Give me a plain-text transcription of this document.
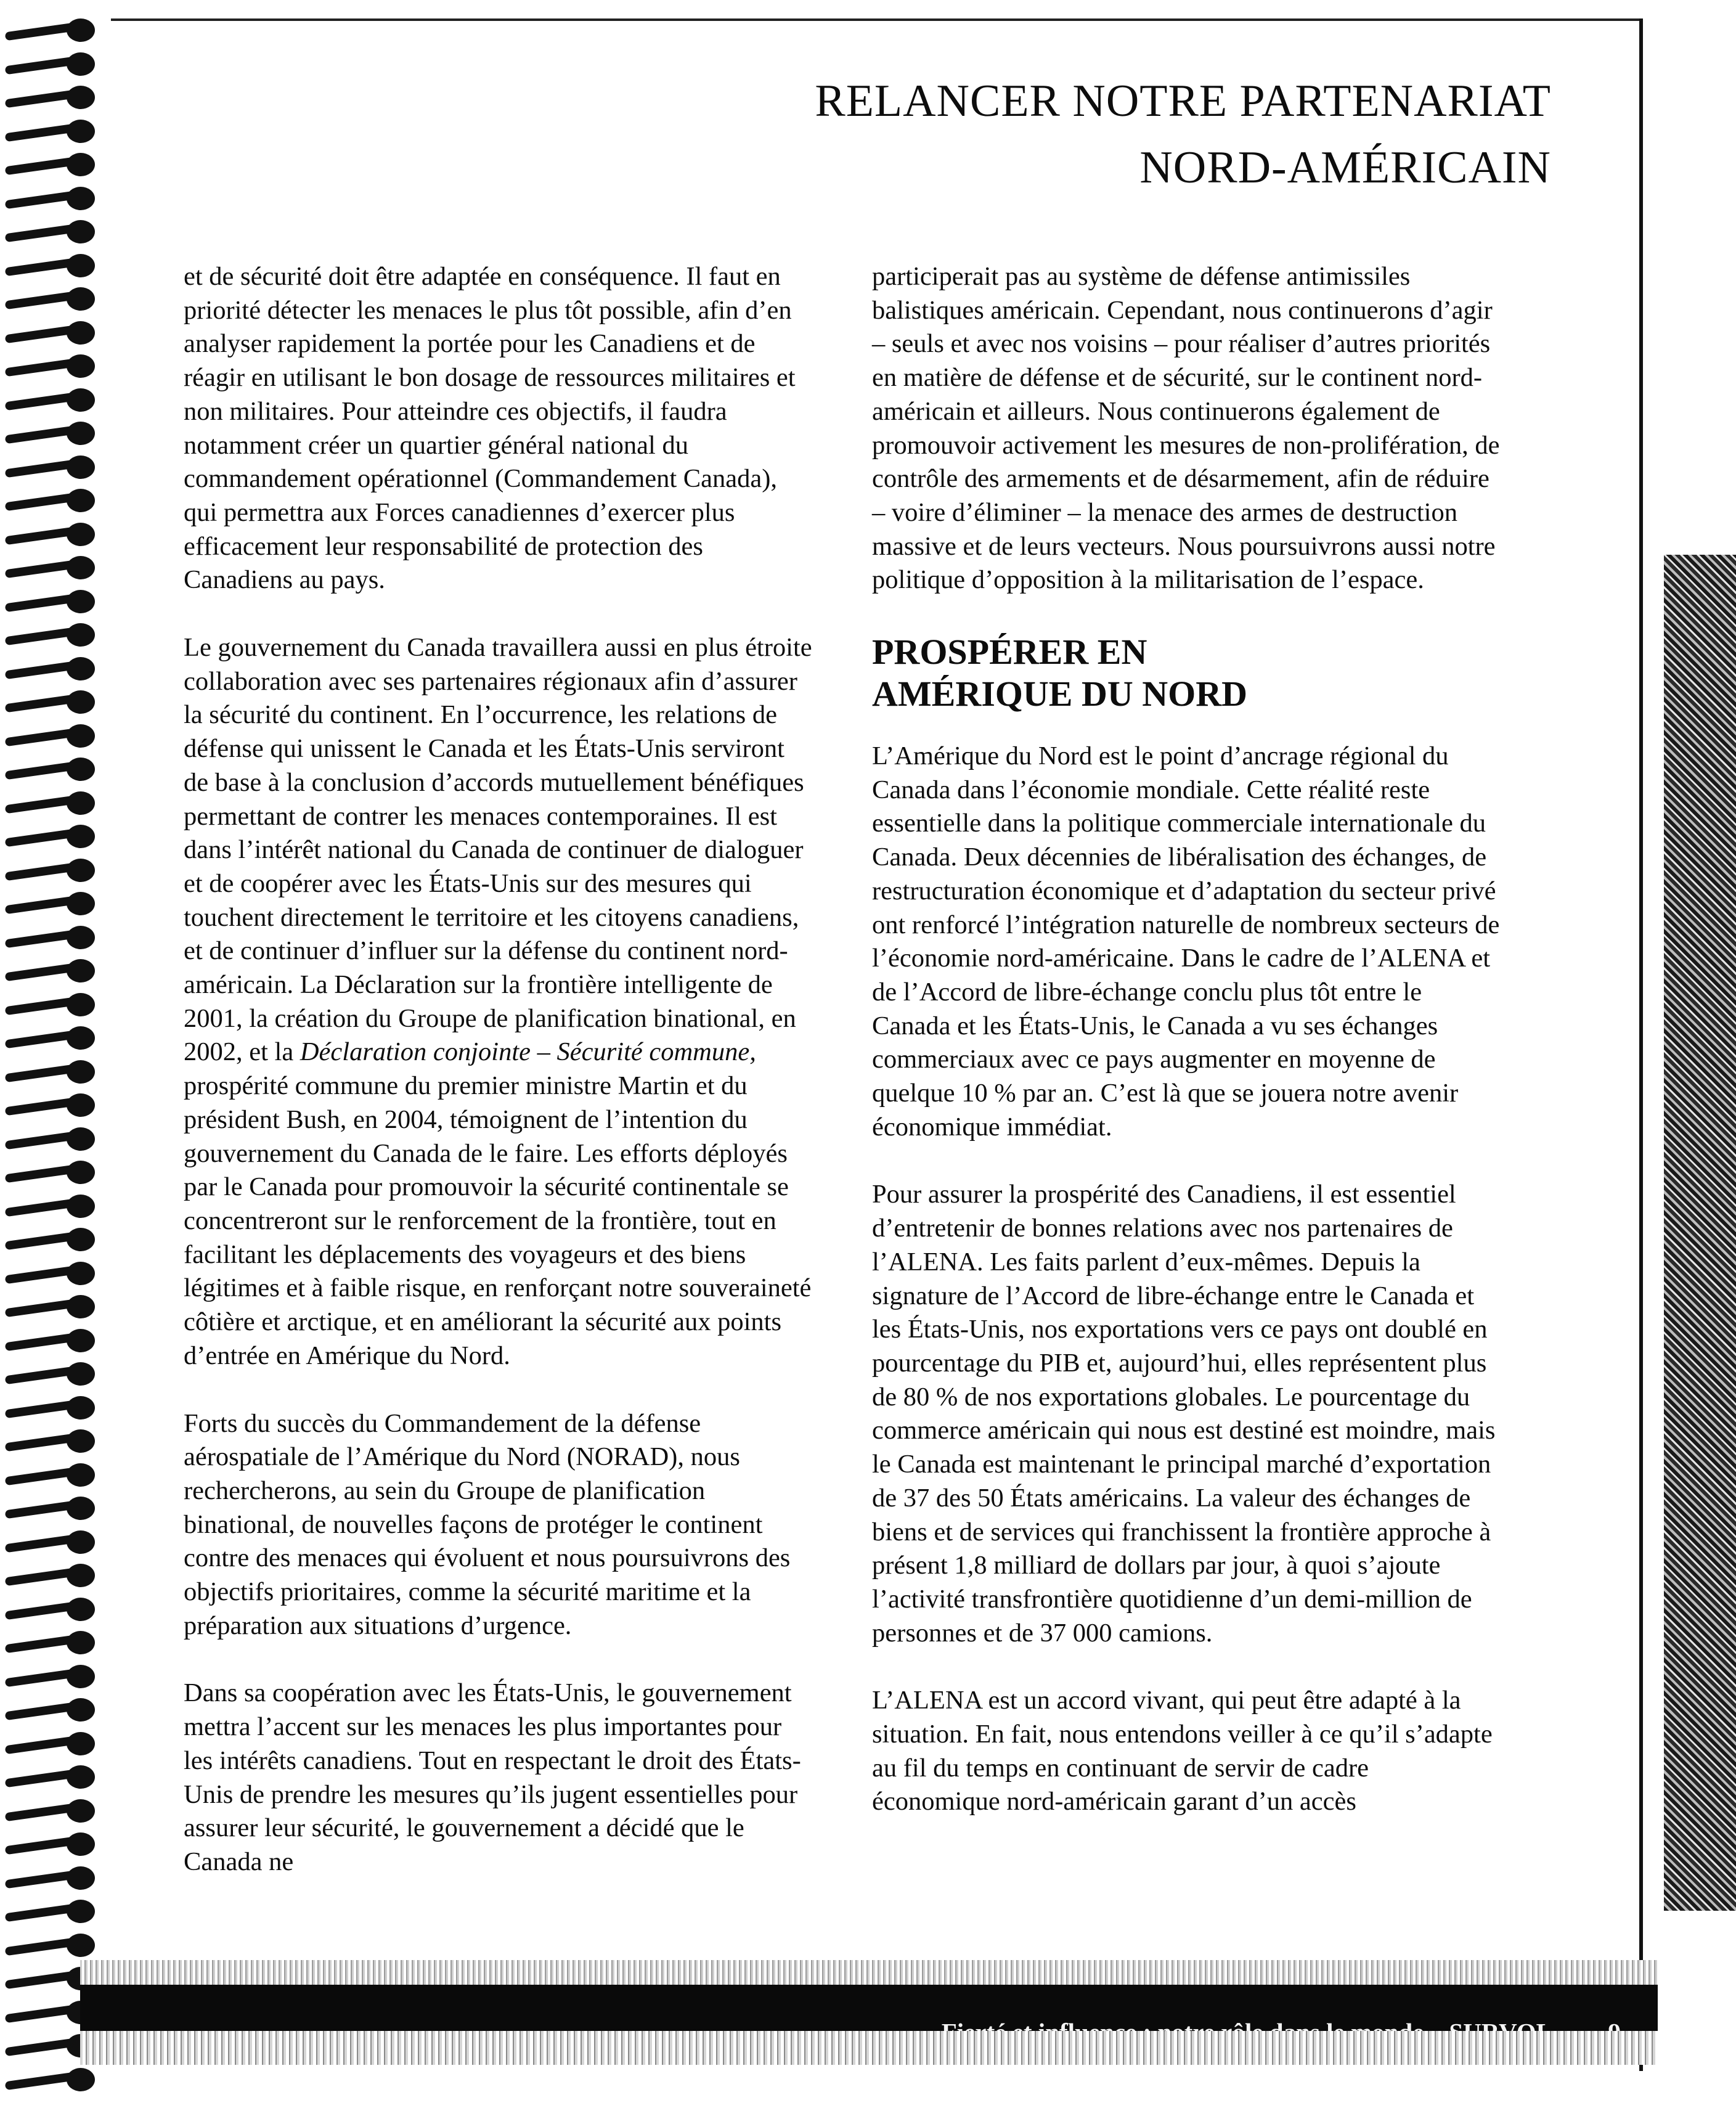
RELANCER NOTRE PARTENARIAT
NORD-AMÉRICAIN

et de sécurité doit être adaptée en conséquence. Il faut en priorité détecter les menaces le plus tôt possible, afin d’en analyser rapidement la portée pour les Canadiens et de réagir en utilisant le bon dosage de ressources militaires et non militaires. Pour atteindre ces objectifs, il faudra notamment créer un quartier général national du commandement opérationnel (Commandement Canada), qui permettra aux Forces canadiennes d’exercer plus efficacement leur responsabilité de protection des Canadiens au pays.

Le gouvernement du Canada travaillera aussi en plus étroite collaboration avec ses partenaires régionaux afin d’assurer la sécurité du continent. En l’occurrence, les relations de défense qui unissent le Canada et les États-Unis serviront de base à la conclusion d’accords mutuellement bénéfiques permettant de contrer les menaces contemporaines. Il est dans l’intérêt national du Canada de continuer de dialoguer et de coopérer avec les États-Unis sur des mesures qui touchent directement le territoire et les citoyens canadiens, et de continuer d’influer sur la défense du continent nord-américain. La Déclaration sur la frontière intelligente de 2001, la création du Groupe de planification binational, en 2002, et la Déclaration conjointe – Sécurité commune, prospérité commune du premier ministre Martin et du président Bush, en 2004, témoignent de l’intention du gouvernement du Canada de le faire. Les efforts déployés par le Canada pour promouvoir la sécurité continentale se concentreront sur le renforcement de la frontière, tout en facilitant les déplacements des voyageurs et des biens légitimes et à faible risque, en renforçant notre souveraineté côtière et arctique, et en améliorant la sécurité aux points d’entrée en Amérique du Nord.

Forts du succès du Commandement de la défense aérospatiale de l’Amérique du Nord (NORAD), nous rechercherons, au sein du Groupe de planification binational, de nouvelles façons de protéger le continent contre des menaces qui évoluent et nous poursuivrons des objectifs prioritaires, comme la sécurité maritime et la préparation aux situations d’urgence.

Dans sa coopération avec les États-Unis, le gouvernement mettra l’accent sur les menaces les plus importantes pour les intérêts canadiens. Tout en respectant le droit des États-Unis de prendre les mesures qu’ils jugent essentielles pour assurer leur sécurité, le gouvernement a décidé que le Canada ne

participerait pas au système de défense antimissiles balistiques américain. Cependant, nous continuerons d’agir – seuls et avec nos voisins – pour réaliser d’autres priorités en matière de défense et de sécurité, sur le continent nord-américain et ailleurs. Nous continuerons également de promouvoir activement les mesures de non-prolifération, de contrôle des armements et de désarmement, afin de réduire – voire d’éliminer – la menace des armes de destruction massive et de leurs vecteurs. Nous poursuivrons aussi notre politique d’opposition à la militarisation de l’espace.

PROSPÉRER EN
AMÉRIQUE DU NORD

L’Amérique du Nord est le point d’ancrage régional du Canada dans l’économie mondiale. Cette réalité reste essentielle dans la politique commerciale internationale du Canada. Deux décennies de libéralisation des échanges, de restructuration économique et d’adaptation du secteur privé ont renforcé l’intégration naturelle de nombreux secteurs de l’économie nord-américaine. Dans le cadre de l’ALENA et de l’Accord de libre-échange conclu plus tôt entre le Canada et les États-Unis, le Canada a vu ses échanges commerciaux avec ce pays augmenter en moyenne de quelque 10 % par an. C’est là que se jouera notre avenir économique immédiat.

Pour assurer la prospérité des Canadiens, il est essentiel d’entretenir de bonnes relations avec nos partenaires de l’ALENA. Les faits parlent d’eux-mêmes. Depuis la signature de l’Accord de libre-échange entre le Canada et les États-Unis, nos exportations vers ce pays ont doublé en pourcentage du PIB et, aujourd’hui, elles représentent plus de 80 % de nos exportations globales. Le pourcentage du commerce américain qui nous est destiné est moindre, mais le Canada est maintenant le principal marché d’exportation de 37 des 50 États américains. La valeur des échanges de biens et de services qui franchissent la frontière approche à présent 1,8 milliard de dollars par jour, à quoi s’ajoute l’activité transfrontière quotidienne d’un demi-million de personnes et de 37 000 camions.

L’ALENA est un accord vivant, qui peut être adapté à la situation. En fait, nous entendons veiller à ce qu’il s’adapte au fil du temps en continuant de servir de cadre économique nord-américain garant d’un accès
